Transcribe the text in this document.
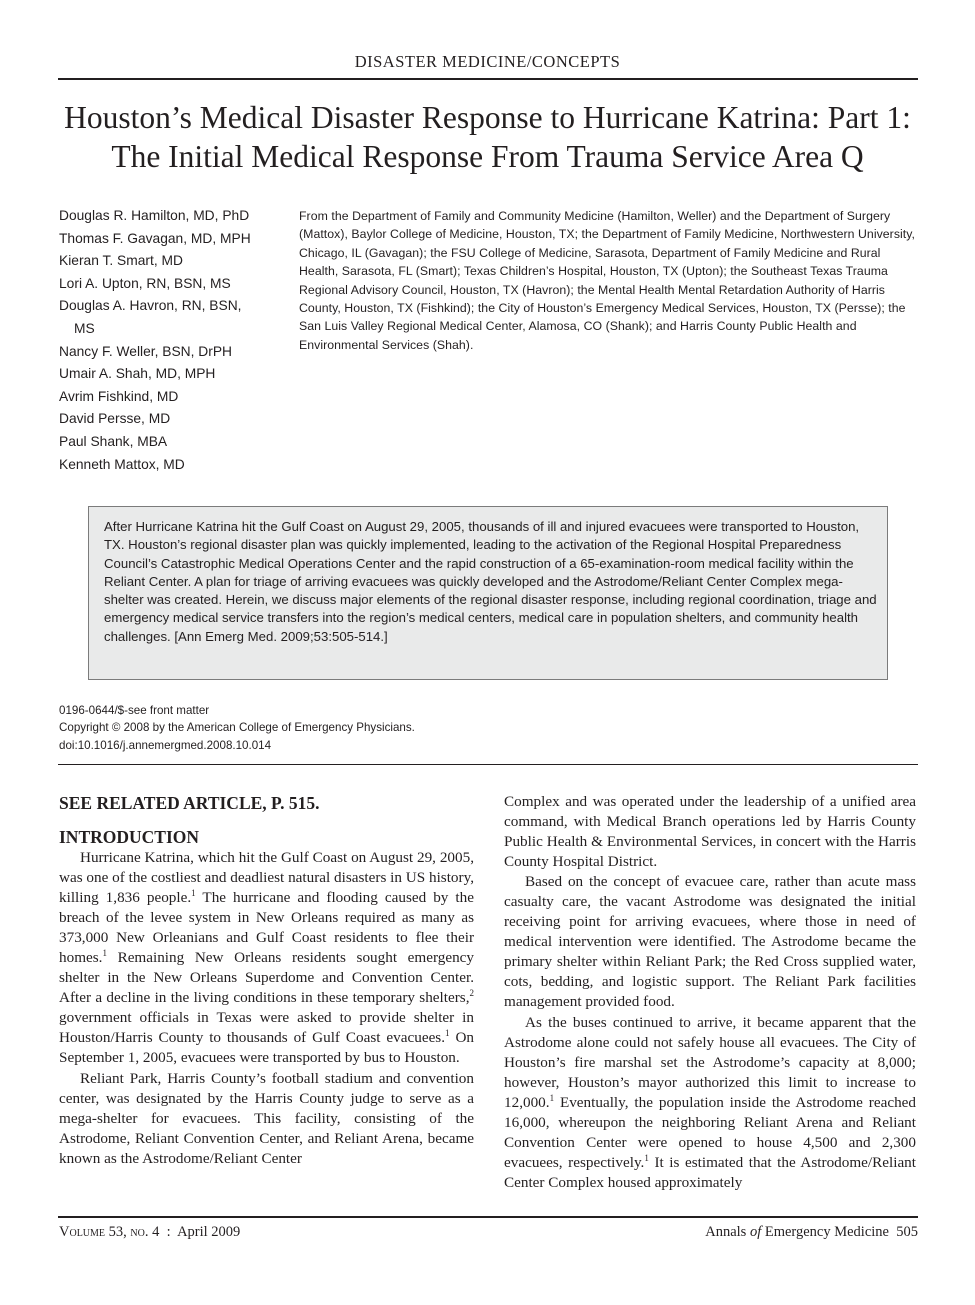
DISASTER MEDICINE/CONCEPTS
Houston’s Medical Disaster Response to Hurricane Katrina: Part 1: The Initial Medical Response From Trauma Service Area Q
Douglas R. Hamilton, MD, PhD
Thomas F. Gavagan, MD, MPH
Kieran T. Smart, MD
Lori A. Upton, RN, BSN, MS
Douglas A. Havron, RN, BSN,
MS
Nancy F. Weller, BSN, DrPH
Umair A. Shah, MD, MPH
Avrim Fishkind, MD
David Persse, MD
Paul Shank, MBA
Kenneth Mattox, MD
From the Department of Family and Community Medicine (Hamilton, Weller) and the Department of Surgery (Mattox), Baylor College of Medicine, Houston, TX; the Department of Family Medicine, Northwestern University, Chicago, IL (Gavagan); the FSU College of Medicine, Sarasota, Department of Family Medicine and Rural Health, Sarasota, FL (Smart); Texas Children’s Hospital, Houston, TX (Upton); the Southeast Texas Trauma Regional Advisory Council, Houston, TX (Havron); the Mental Health Mental Retardation Authority of Harris County, Houston, TX (Fishkind); the City of Houston’s Emergency Medical Services, Houston, TX (Persse); the San Luis Valley Regional Medical Center, Alamosa, CO (Shank); and Harris County Public Health and Environmental Services (Shah).
After Hurricane Katrina hit the Gulf Coast on August 29, 2005, thousands of ill and injured evacuees were transported to Houston, TX. Houston’s regional disaster plan was quickly implemented, leading to the activation of the Regional Hospital Preparedness Council’s Catastrophic Medical Operations Center and the rapid construction of a 65-examination-room medical facility within the Reliant Center. A plan for triage of arriving evacuees was quickly developed and the Astrodome/Reliant Center Complex mega-shelter was created. Herein, we discuss major elements of the regional disaster response, including regional coordination, triage and emergency medical service transfers into the region’s medical centers, medical care in population shelters, and community health challenges. [Ann Emerg Med. 2009;53:505-514.]
0196-0644/$-see front matter
Copyright © 2008 by the American College of Emergency Physicians.
doi:10.1016/j.annemergmed.2008.10.014
SEE RELATED ARTICLE, P. 515.
INTRODUCTION

Hurricane Katrina, which hit the Gulf Coast on August 29, 2005, was one of the costliest and deadliest natural disasters in US history, killing 1,836 people.$^1$ The hurricane and flooding caused by the breach of the levee system in New Orleans required as many as 373,000 New Orleanians and Gulf Coast residents to flee their homes.$^1$ Remaining New Orleans residents sought emergency shelter in the New Orleans Superdome and Convention Center. After a decline in the living conditions in these temporary shelters,$^2$ government officials in Texas were asked to provide shelter in Houston/Harris County to thousands of Gulf Coast evacuees.$^1$ On September 1, 2005, evacuees were transported by bus to Houston.

Reliant Park, Harris County’s football stadium and convention center, was designated by the Harris County judge to serve as a mega-shelter for evacuees. This facility, consisting of the Astrodome, Reliant Convention Center, and Reliant Arena, became known as the Astrodome/Reliant Center

Complex and was operated under the leadership of a unified area command, with Medical Branch operations led by Harris County Public Health & Environmental Services, in concert with the Harris County Hospital District.

Based on the concept of evacuee care, rather than acute mass casualty care, the vacant Astrodome was designated the initial receiving point for arriving evacuees, where those in need of medical intervention were identified. The Astrodome became the primary shelter within Reliant Park; the Red Cross supplied water, cots, bedding, and logistic support. The Reliant Park facilities management provided food.

As the buses continued to arrive, it became apparent that the Astrodome alone could not safely house all evacuees. The City of Houston’s fire marshal set the Astrodome’s capacity at 8,000; however, Houston’s mayor authorized this limit to increase to 12,000.$^1$ Eventually, the population inside the Astrodome reached 16,000, whereupon the neighboring Reliant Arena and Reliant Convention Center were opened to house 4,500 and 2,300 evacuees, respectively.$^1$ It is estimated that the Astrodome/Reliant Center Complex housed approximately

Volume 53, no. 4 : April 2009	Annals of Emergency Medicine 505
